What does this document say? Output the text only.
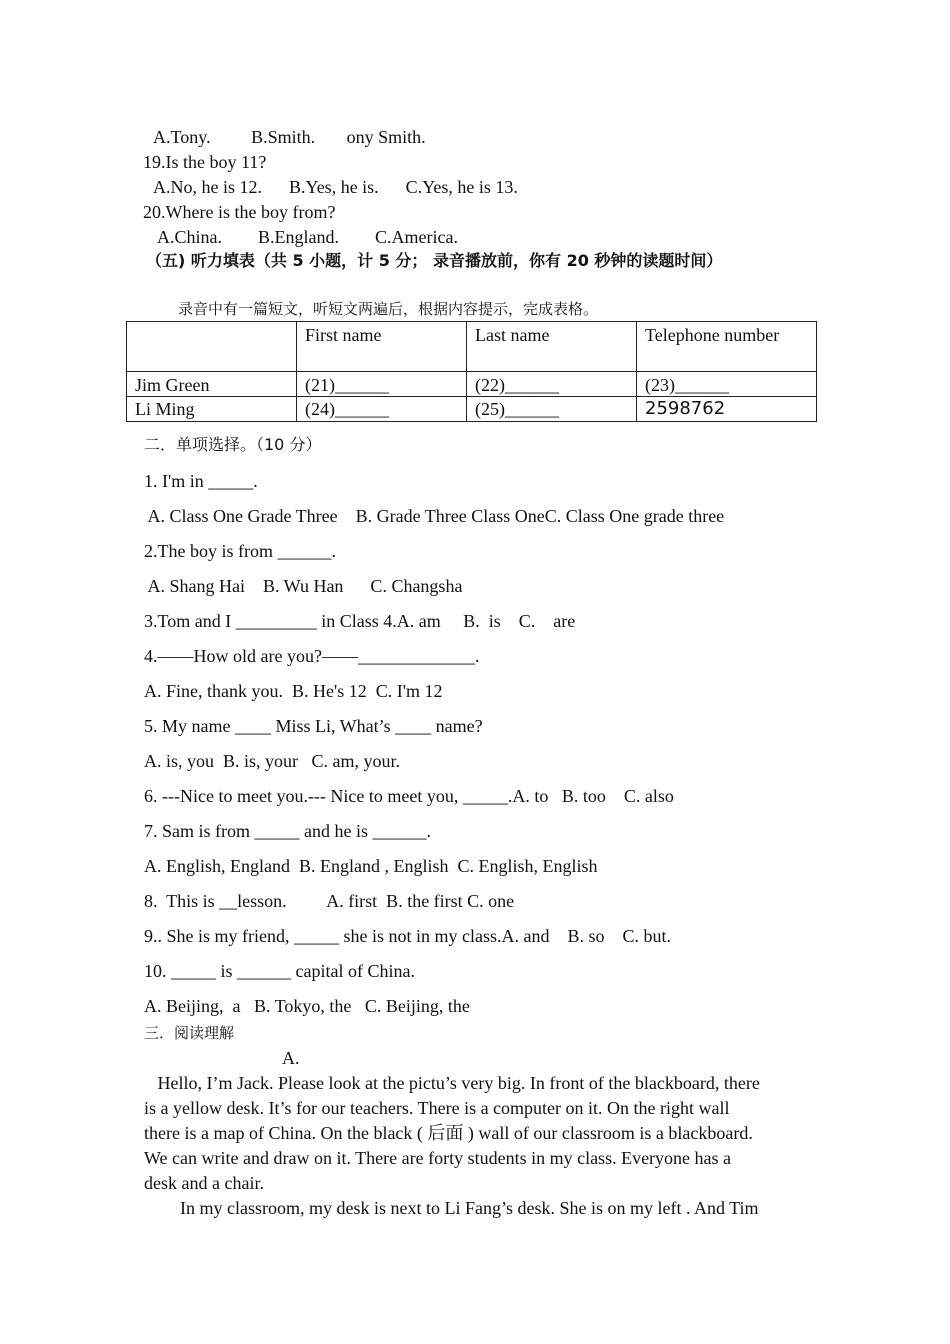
A.Tony.         B.Smith.       ony Smith.
19.Is the boy 11?
A.No, he is 12.      B.Yes, he is.      C.Yes, he is 13.
20.Where is the boy from?
A.China.        B.England.        C.America.
（五) 听力填表（共 5 小题，计 5 分； 录音播放前，你有 20 秒钟的读题时间）
录音中有一篇短文，听短文两遍后，根据内容提示，完成表格。
	First name	Last name	Telephone number
Jim Green	(21)______	(22)______	(23)______
Li Ming	(24)______	(25)______	2598762
二．单项选择。（10 分）
1. I'm in _____.
A. Class One Grade Three    B. Grade Three Class OneC. Class One grade three
2.The boy is from ______.
A. Shang Hai    B. Wu Han      C. Changsha
3.Tom and I _________ in Class 4.A. am     B.  is    C.    are
4.——How old are you?——_____________.
A. Fine, thank you.  B. He's 12  C. I'm 12
5. My name ____ Miss Li, What’s ____ name?
A. is, you  B. is, your   C. am, your.
6. ---Nice to meet you.--- Nice to meet you, _____.A. to   B. too    C. also
7. Sam is from _____ and he is ______.
A. English, England  B. England , English  C. English, English
8.  This is __lesson.         A. first  B. the first C. one
9.. She is my friend, _____ she is not in my class.A. and    B. so    C. but.
10. _____ is ______ capital of China.
A. Beijing,  a   B. Tokyo, the   C. Beijing, the
三．阅读理解
A.
Hello, I’m Jack. Please look at the pictu’s very big. In front of the blackboard, there
is a yellow desk. It’s for our teachers. There is a computer on it. On the right wall
there is a map of China. On the black ( 后面 ) wall of our classroom is a blackboard.
We can write and draw on it. There are forty students in my class. Everyone has a
desk and a chair.
In my classroom, my desk is next to Li Fang’s desk. She is on my left . And Tim
